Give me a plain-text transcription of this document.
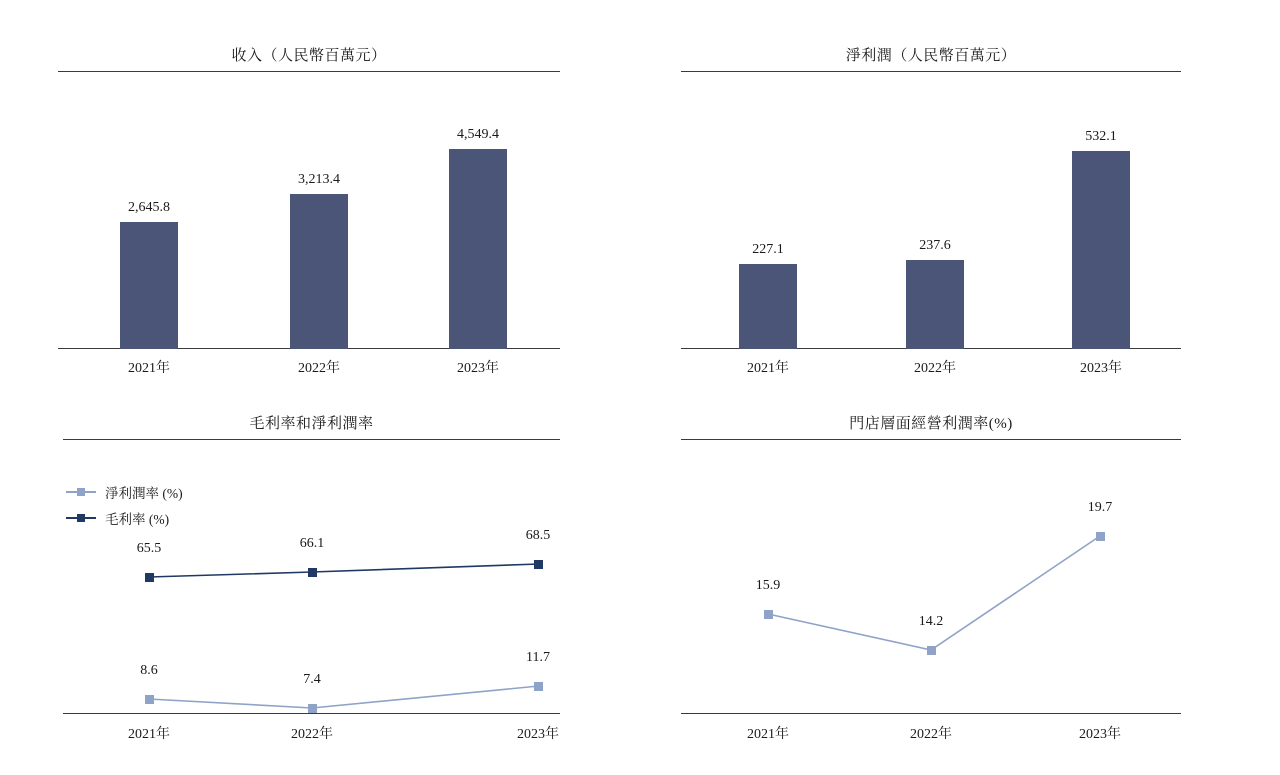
收入（人民幣百萬元）
2,645.8
3,213.4
4,549.4
2021年	2022年	2023年
淨利潤（人民幣百萬元）
227.1	237.6
532.1
2021年	2022年	2023年
毛利率和淨利潤率
淨利潤率 (%)
毛利率 (%)
65.5	66.1
68.5
8.6
7.4
11.7
2021年	2022年	2023年
門店層面經營利潤率(%)
15.9
14.2
19.7
2021年	2022年	2023年
